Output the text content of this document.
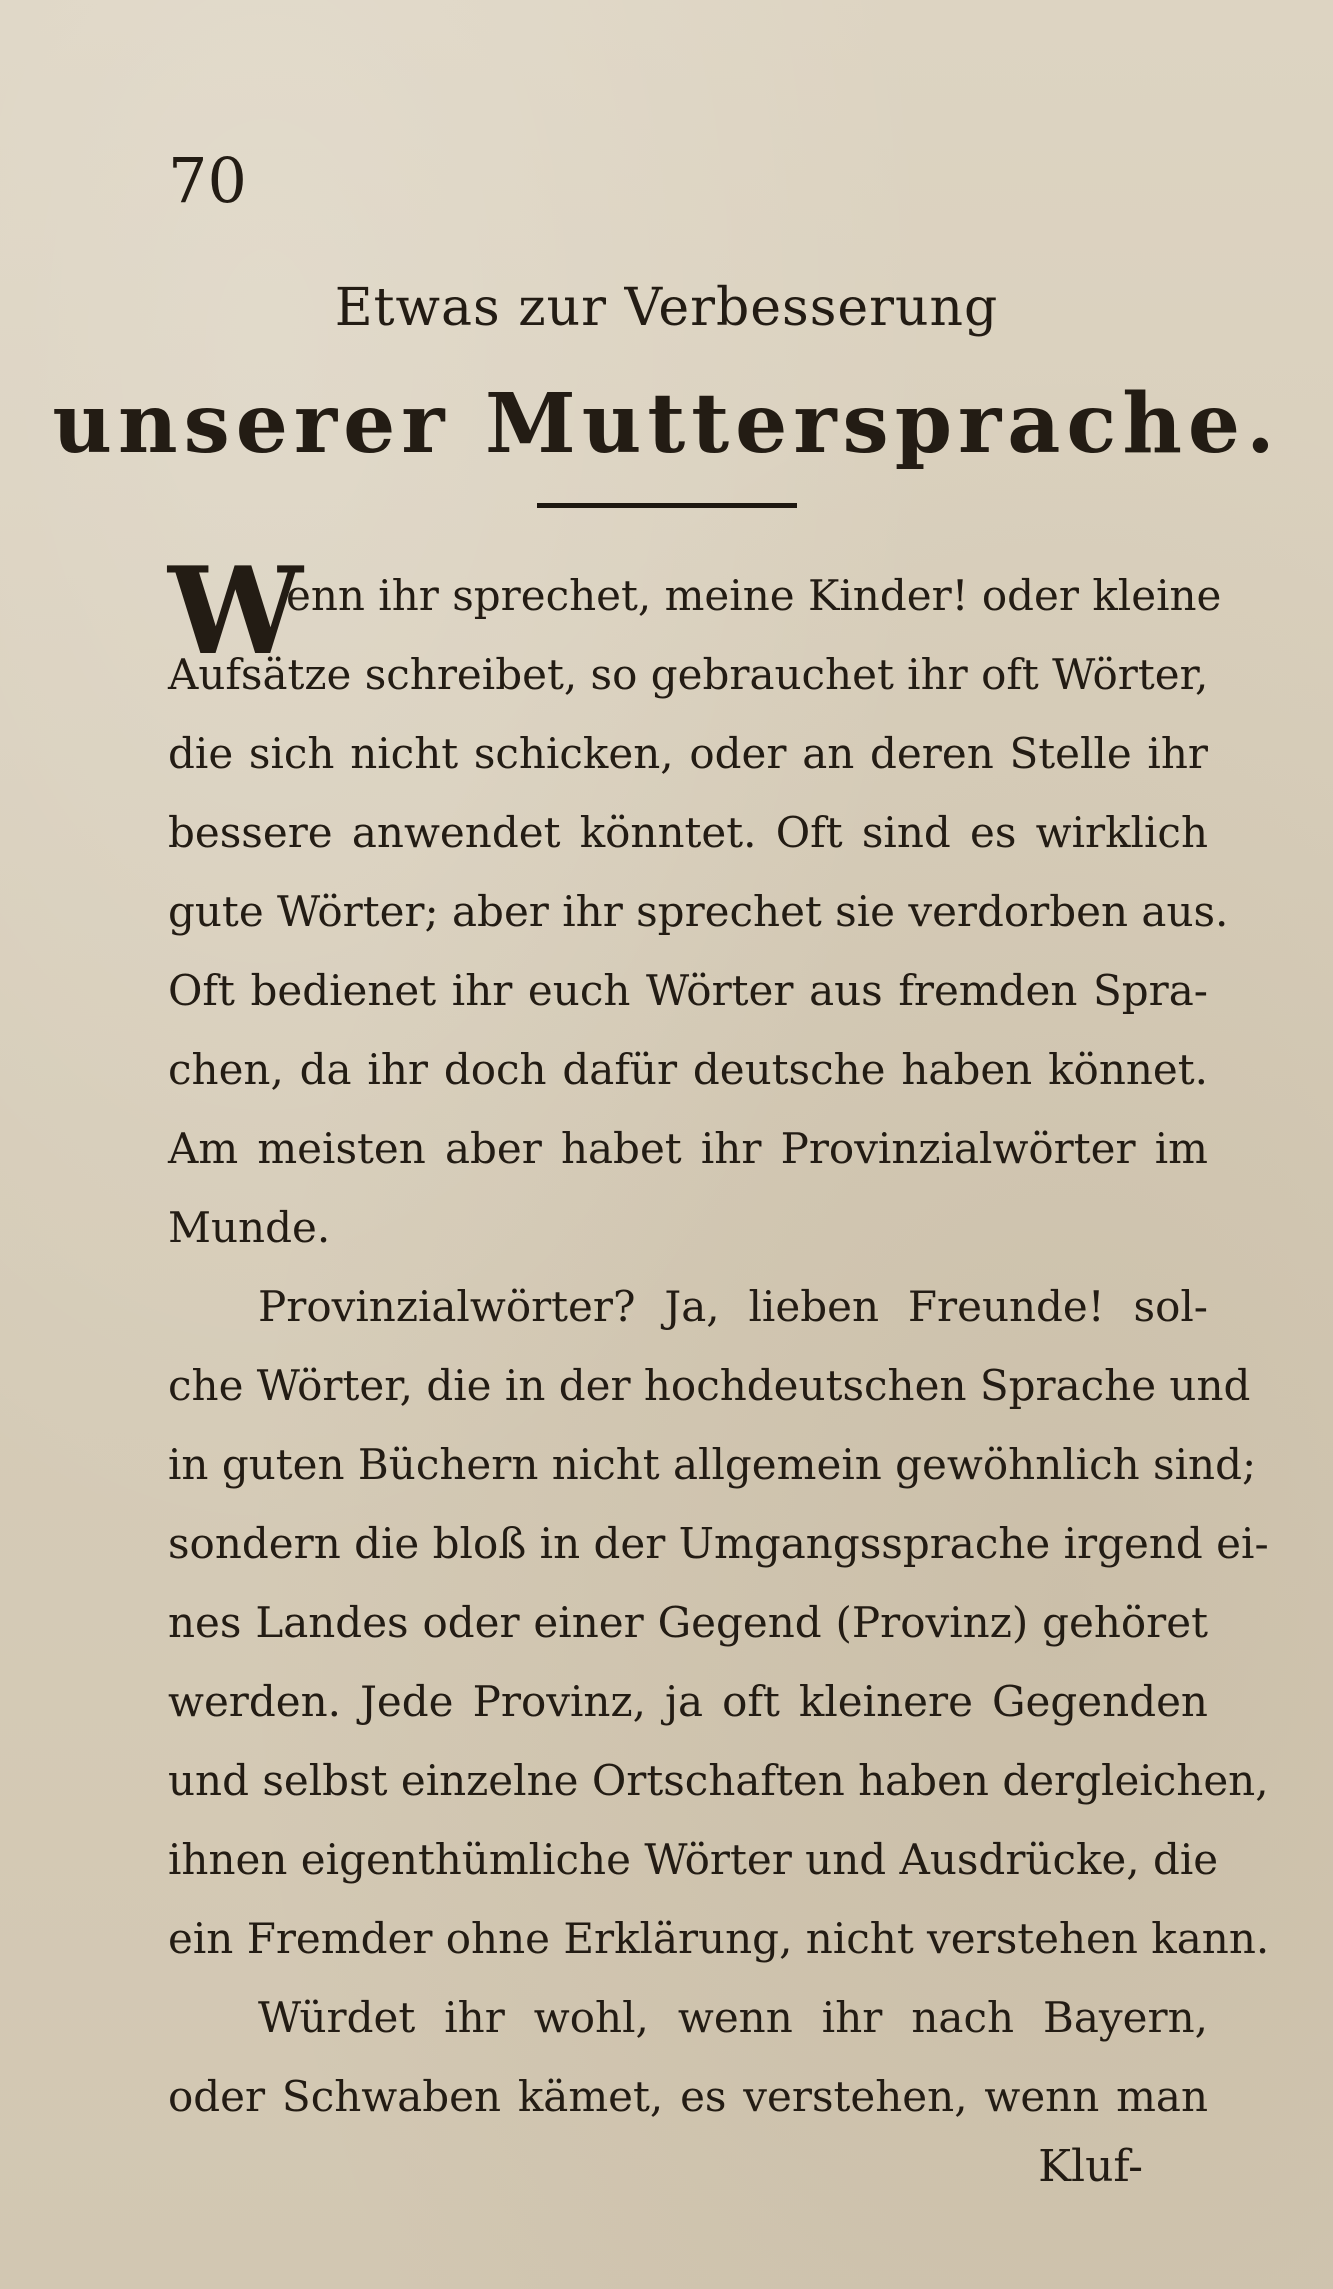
70
Etwas zur Verbesserung
unserer Muttersprache.
W
enn ihr sprechet, meine Kinder! oder kleine
Aufsätze schreibet, so gebrauchet ihr oft Wörter,
die sich nicht schicken, oder an deren Stelle ihr
bessere anwendet könntet. Oft sind es wirklich
gute Wörter; aber ihr sprechet sie verdorben aus.
Oft bedienet ihr euch Wörter aus fremden Spra-
chen, da ihr doch dafür deutsche haben könnet.
Am meisten aber habet ihr Provinzialwörter im
Munde.
Provinzialwörter? Ja, lieben Freunde! sol-
che Wörter, die in der hochdeutschen Sprache und
in guten Büchern nicht allgemein gewöhnlich sind;
sondern die bloß in der Umgangssprache irgend ei-
nes Landes oder einer Gegend (Provinz) gehöret
werden. Jede Provinz, ja oft kleinere Gegenden
und selbst einzelne Ortschaften haben dergleichen,
ihnen eigenthümliche Wörter und Ausdrücke, die
ein Fremder ohne Erklärung, nicht verstehen kann.
Würdet ihr wohl, wenn ihr nach Bayern,
oder Schwaben kämet, es verstehen, wenn man
Kluf-
